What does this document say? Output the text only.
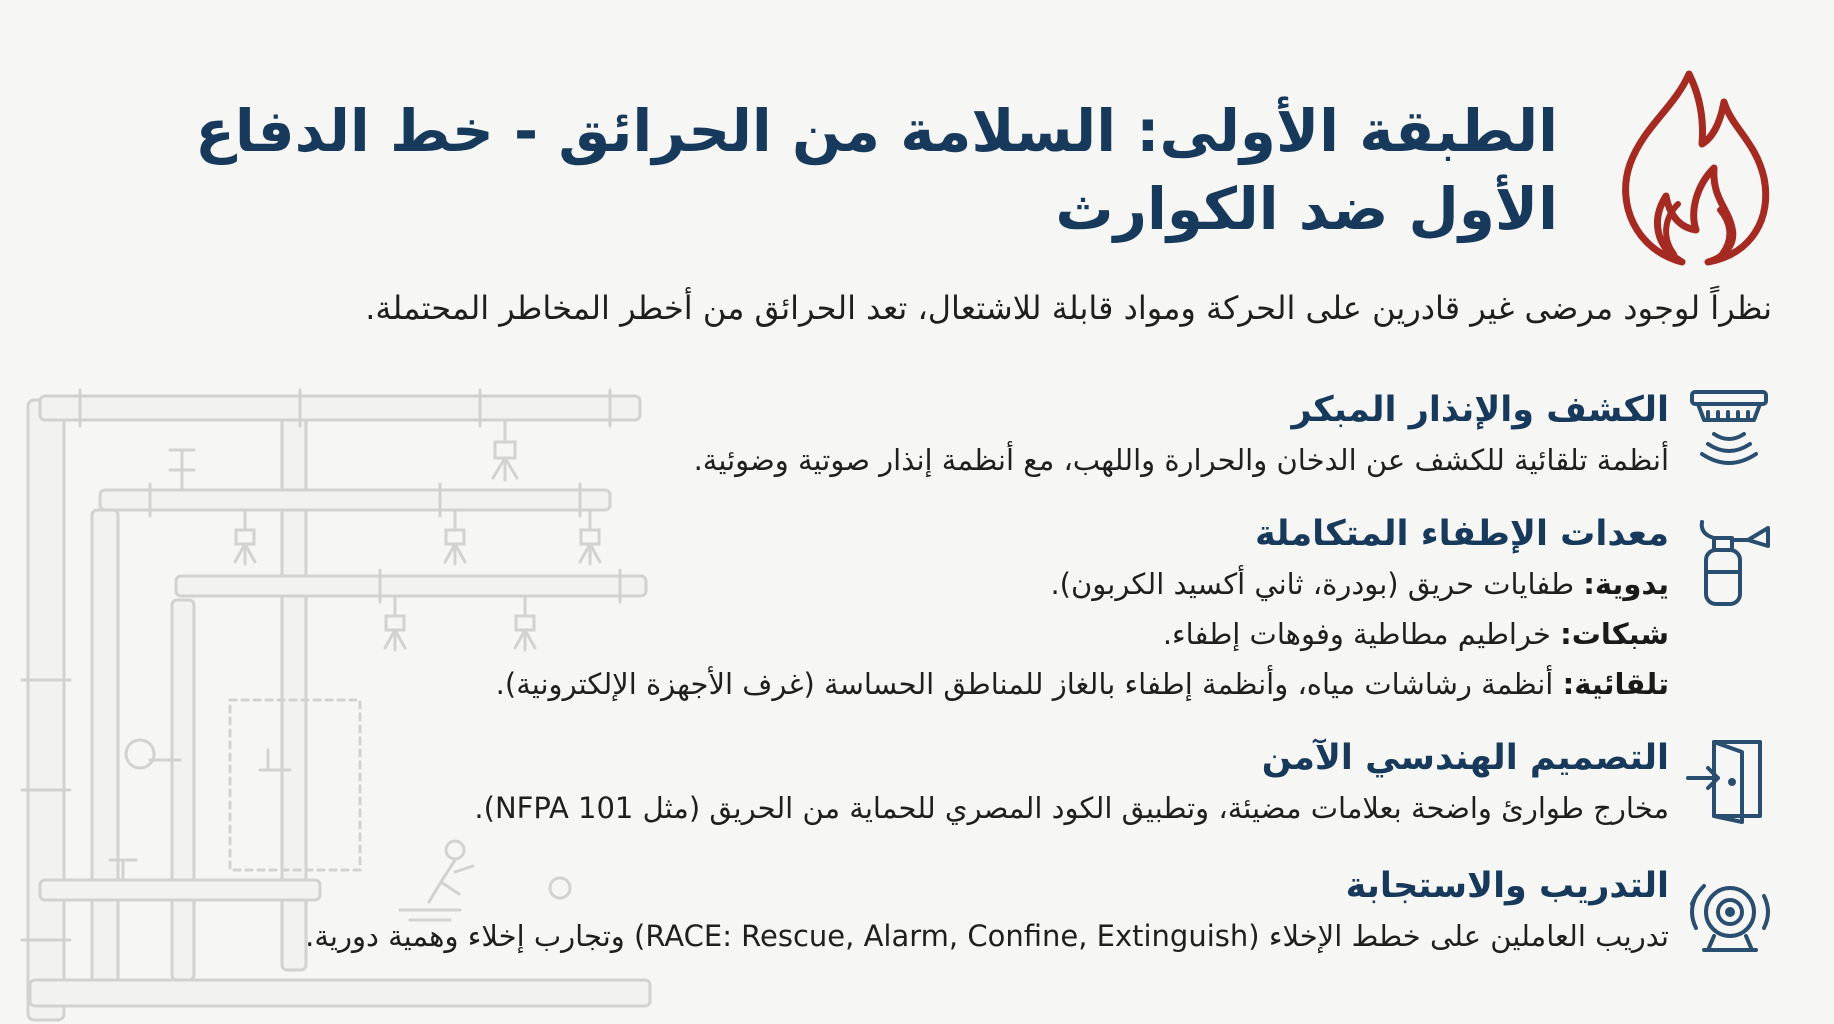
الطبقة الأولى: السلامة من الحرائق - خط الدفاع الأول ضد الكوارث

نظراً لوجود مرضى غير قادرين على الحركة ومواد قابلة للاشتعال، تعد الحرائق من أخطر المخاطر المحتملة.

الكشف والإنذار المبكر

أنظمة تلقائية للكشف عن الدخان والحرارة واللهب، مع أنظمة إنذار صوتية وضوئية.

معدات الإطفاء المتكاملة

يدوية: طفايات حريق (بودرة، ثاني أكسيد الكربون).

شبكات: خراطيم مطاطية وفوهات إطفاء.

تلقائية: أنظمة رشاشات مياه، وأنظمة إطفاء بالغاز للمناطق الحساسة (غرف الأجهزة الإلكترونية).

التصميم الهندسي الآمن

مخارج طوارئ واضحة بعلامات مضيئة، وتطبيق الكود المصري للحماية من الحريق (مثل NFPA 101).

التدريب والاستجابة

تدريب العاملين على خطط الإخلاء (RACE: Rescue, Alarm, Confine, Extinguish) وتجارب إخلاء وهمية دورية.
